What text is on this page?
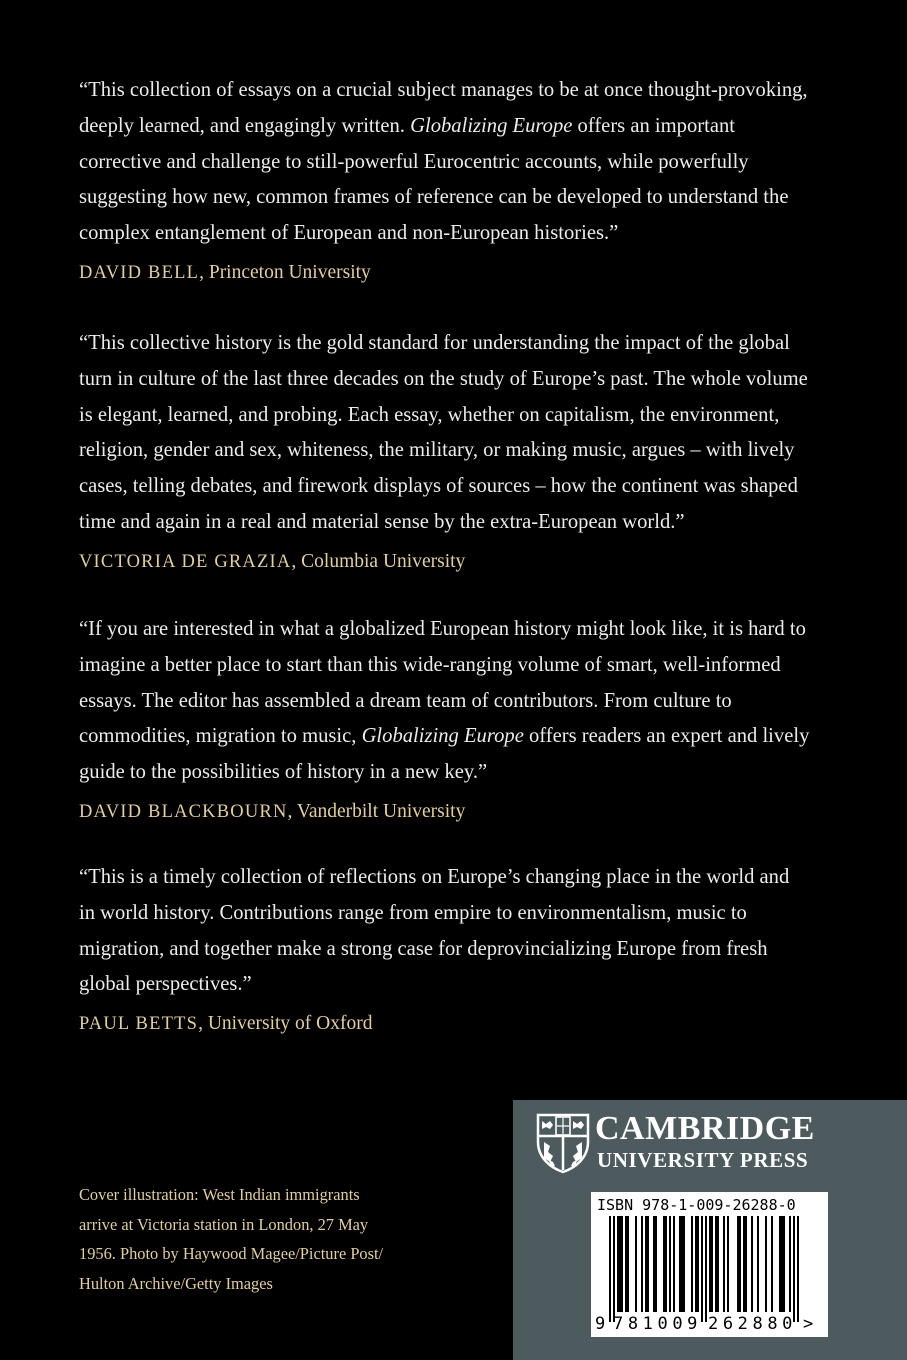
“This collection of essays on a crucial subject manages to be at once thought-provoking,
deeply learned, and engagingly written. Globalizing Europe offers an important
corrective and challenge to still-powerful Eurocentric accounts, while powerfully
suggesting how new, common frames of reference can be developed to understand the
complex entanglement of European and non-European histories.”

DAVID BELL, Princeton University

“This collective history is the gold standard for understanding the impact of the global
turn in culture of the last three decades on the study of Europe’s past. The whole volume
is elegant, learned, and probing. Each essay, whether on capitalism, the environment,
religion, gender and sex, whiteness, the military, or making music, argues – with lively
cases, telling debates, and firework displays of sources – how the continent was shaped
time and again in a real and material sense by the extra-European world.”

VICTORIA DE GRAZIA, Columbia University

“If you are interested in what a globalized European history might look like, it is hard to
imagine a better place to start than this wide-ranging volume of smart, well-informed
essays. The editor has assembled a dream team of contributors. From culture to
commodities, migration to music, Globalizing Europe offers readers an expert and lively
guide to the possibilities of history in a new key.”

DAVID BLACKBOURN, Vanderbilt University

“This is a timely collection of reflections on Europe’s changing place in the world and
in world history. Contributions range from empire to environmentalism, music to
migration, and together make a strong case for deprovincializing Europe from fresh
global perspectives.”

PAUL BETTS, University of Oxford
Cover illustration: West Indian immigrants
arrive at Victoria station in London, 27 May
1956. Photo by Haywood Magee/Picture Post/
Hulton Archive/Getty Images
CAMBRIDGE
UNIVERSITY PRESS
ISBN 978-1-009-26288-0
9 781009 262880 >
